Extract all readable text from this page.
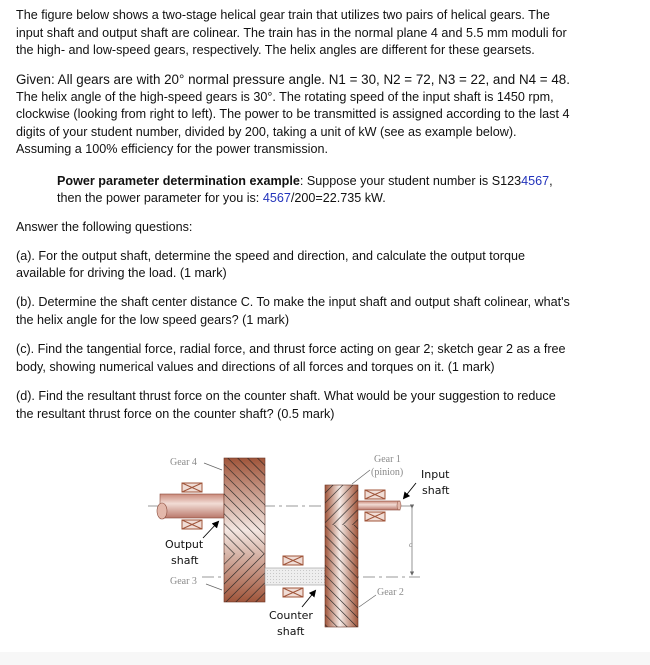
The figure below shows a two-stage helical gear train that utilizes two pairs of helical gears. The

input shaft and output shaft are colinear. The train has in the normal plane 4 and 5.5 mm moduli for

the high- and low-speed gears, respectively. The helix angles are different for these gearsets.

Given: All gears are with 20° normal pressure angle. N1 = 30, N2 = 72, N3 = 22, and N4 = 48.

The helix angle of the high-speed gears is 30°. The rotating speed of the input shaft is 1450 rpm,

clockwise (looking from right to left). The power to be transmitted is assigned according to the last 4

digits of your student number, divided by 200, taking a unit of kW (see as example below).

Assuming a 100% efficiency for the power transmission.

Power parameter determination example: Suppose your student number is S1234567,

then the power parameter for you is: 4567/200=22.735 kW.

Answer the following questions:

(a). For the output shaft, determine the speed and direction, and calculate the output torque

available for driving the load. (1 mark)

(b). Determine the shaft center distance C. To make the input shaft and output shaft colinear, what's

the helix angle for the low speed gears? (1 mark)

(c). Find the tangential force, radial force, and thrust force acting on gear 2; sketch gear 2 as a free

body, showing numerical values and directions of all forces and torques on it. (1 mark)

(d). Find the resultant thrust force on the counter shaft. What would be your suggestion to reduce

the resultant thrust force on the counter shaft? (0.5 mark)

c
Gear 4
Gear 3
Gear 1
(pinion)
Gear 2
Input
shaft
Output
shaft
Counter
shaft
